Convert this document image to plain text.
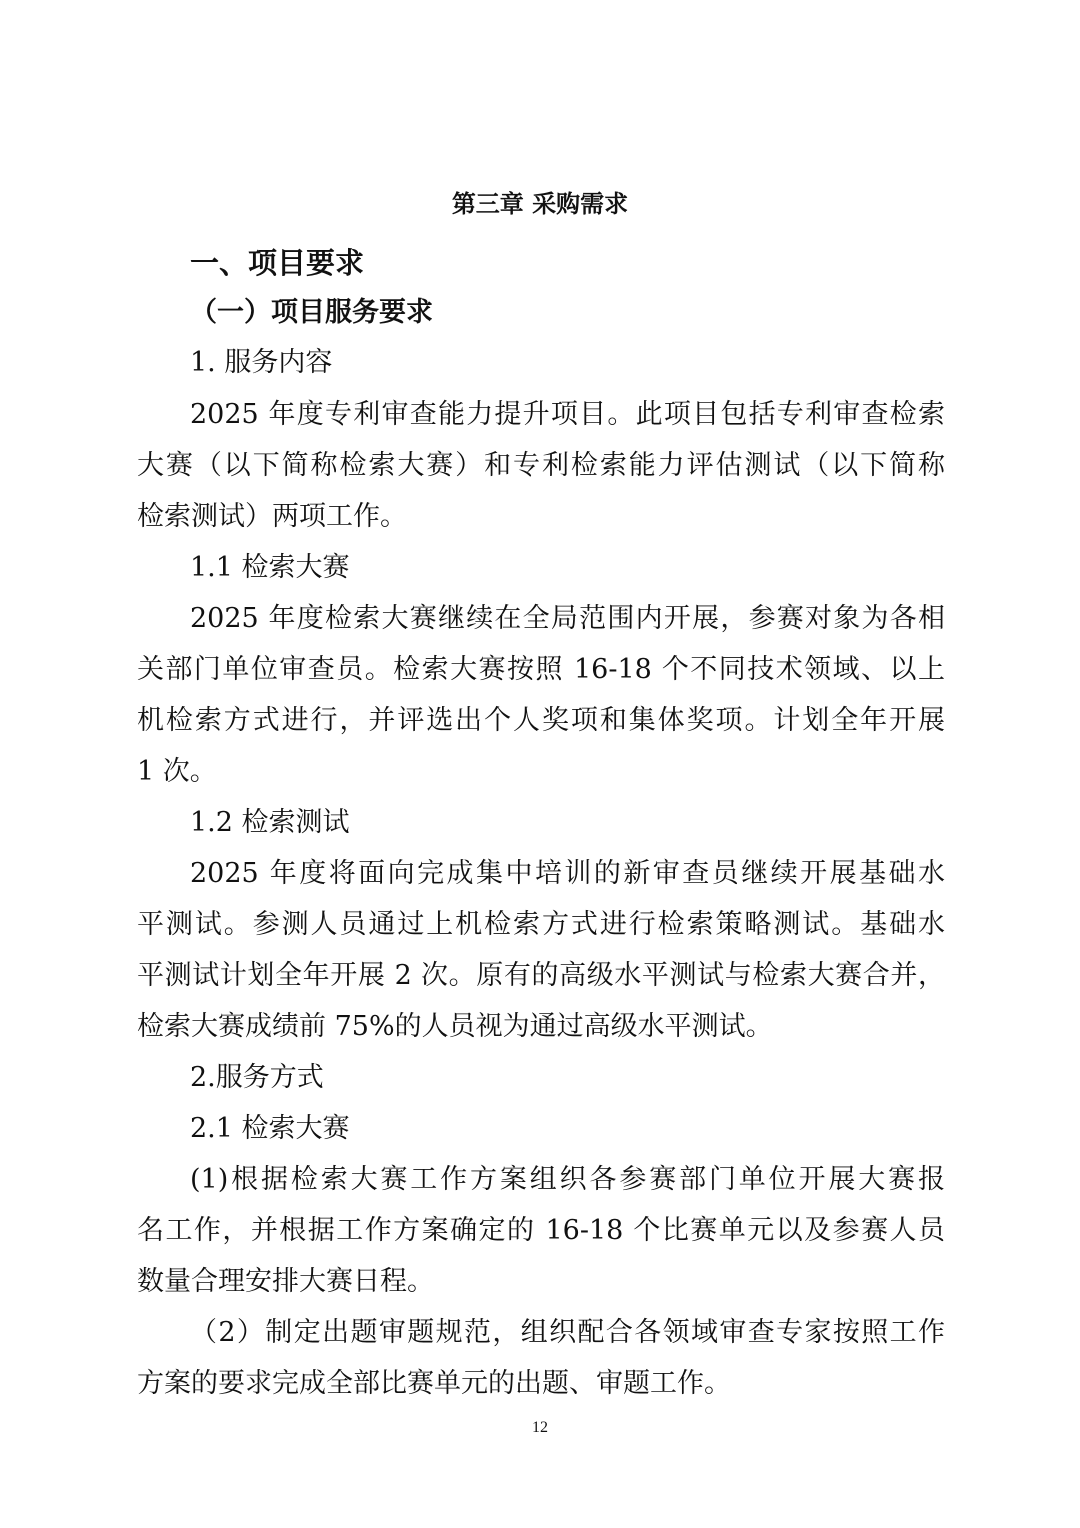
第三章 采购需求
一、项目要求
（一）项目服务要求
1. 服务内容
2025 年度专利审查能力提升项目。此项目包括专利审查检索
大赛（以下简称检索大赛）和专利检索能力评估测试（以下简称
检索测试）两项工作。
1.1 检索大赛
2025 年度检索大赛继续在全局范围内开展，参赛对象为各相
关部门单位审查员。检索大赛按照 16-18 个不同技术领域、以上
机检索方式进行，并评选出个人奖项和集体奖项。计划全年开展
1 次。
1.2 检索测试
2025 年度将面向完成集中培训的新审查员继续开展基础水
平测试。参测人员通过上机检索方式进行检索策略测试。基础水
平测试计划全年开展 2 次。原有的高级水平测试与检索大赛合并，
检索大赛成绩前 75%的人员视为通过高级水平测试。
2.服务方式
2.1 检索大赛
(1)根据检索大赛工作方案组织各参赛部门单位开展大赛报
名工作，并根据工作方案确定的 16-18 个比赛单元以及参赛人员
数量合理安排大赛日程。
（2）制定出题审题规范，组织配合各领域审查专家按照工作
方案的要求完成全部比赛单元的出题、审题工作。
12
